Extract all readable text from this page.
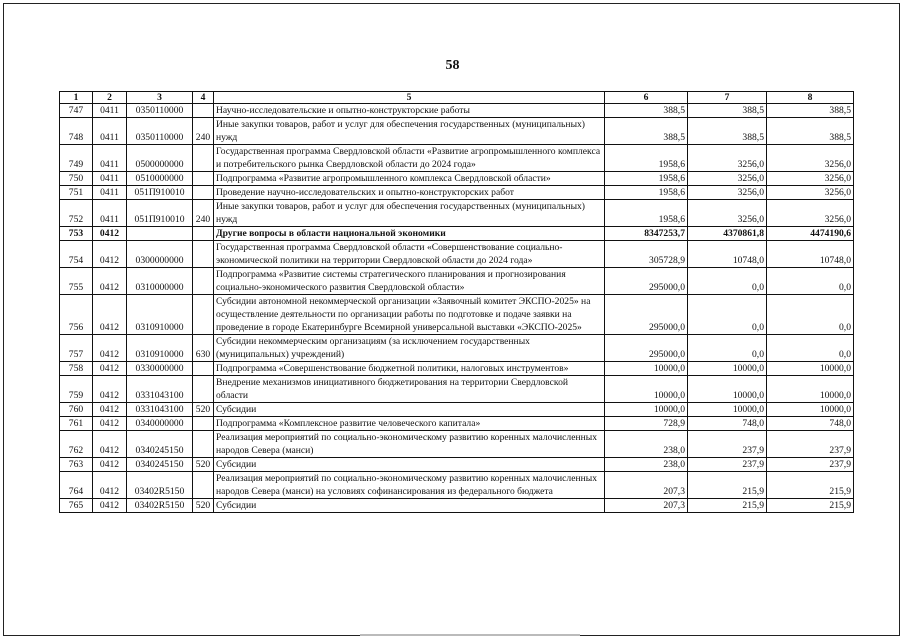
58
1	2	3	4	5	6	7	8
747	0411	0350110000		Научно-исследовательские и опытно-конструкторские работы	388,5	388,5	388,5
748	0411	0350110000	240	Иные закупки товаров, работ и услуг для обеспечения государственных (муниципальных) нужд	388,5	388,5	388,5
749	0411	0500000000		Государственная программа Свердловской области «Развитие агропромышленного комплекса и потребительского рынка Свердловской области до 2024 года»	1958,6	3256,0	3256,0
750	0411	0510000000		Подпрограмма «Развитие агропромышленного комплекса Свердловской области»	1958,6	3256,0	3256,0
751	0411	051П910010		Проведение научно-исследовательских и опытно-конструкторских работ	1958,6	3256,0	3256,0
752	0411	051П910010	240	Иные закупки товаров, работ и услуг для обеспечения государственных (муниципальных) нужд	1958,6	3256,0	3256,0
753	0412			Другие вопросы в области национальной экономики	8347253,7	4370861,8	4474190,6
754	0412	0300000000		Государственная программа Свердловской области «Совершенствование социально-экономической политики на территории Свердловской области до 2024 года»	305728,9	10748,0	10748,0
755	0412	0310000000		Подпрограмма «Развитие системы стратегического планирования и прогнозирования социально-экономического развития Свердловской области»	295000,0	0,0	0,0
756	0412	0310910000		Субсидии автономной некоммерческой организации «Заявочный комитет ЭКСПО-2025» на осуществление деятельности по организации работы по подготовке и подаче заявки на проведение в городе Екатеринбурге Всемирной универсальной выставки «ЭКСПО-2025»	295000,0	0,0	0,0
757	0412	0310910000	630	Субсидии некоммерческим организациям (за исключением государственных (муниципальных) учреждений)	295000,0	0,0	0,0
758	0412	0330000000		Подпрограмма «Совершенствование бюджетной политики, налоговых инструментов»	10000,0	10000,0	10000,0
759	0412	0331043100		Внедрение механизмов инициативного бюджетирования на территории Свердловской области	10000,0	10000,0	10000,0
760	0412	0331043100	520	Субсидии	10000,0	10000,0	10000,0
761	0412	0340000000		Подпрограмма «Комплексное развитие человеческого капитала»	728,9	748,0	748,0
762	0412	0340245150		Реализация мероприятий по социально-экономическому развитию коренных малочисленных народов Севера (манси)	238,0	237,9	237,9
763	0412	0340245150	520	Субсидии	238,0	237,9	237,9
764	0412	03402R5150		Реализация мероприятий по социально-экономическому развитию коренных малочисленных народов Севера (манси) на условиях софинансирования из федерального бюджета	207,3	215,9	215,9
765	0412	03402R5150	520	Субсидии	207,3	215,9	215,9
